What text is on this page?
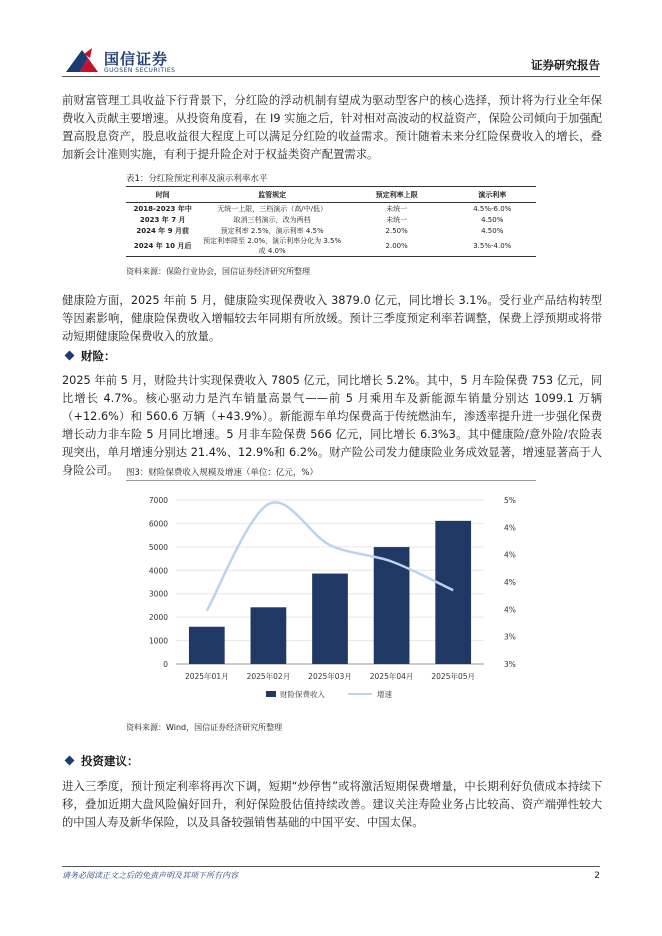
国信证券
GUOSEN SECURITIES	证券研究报告
前财富管理工具收益下行背景下，分红险的浮动机制有望成为驱动型客户的核心选择，预计将为行业全年保费收入贡献主要增速。从投资角度看，在 I9 实施之后，针对相对高波动的权益资产，保险公司倾向于加强配置高股息资产，股息收益很大程度上可以满足分红险的收益需求。预计随着未来分红险保费收入的增长，叠加新会计准则实施，有利于提升险企对于权益类资产配置需求。
表1：分红险预定利率及演示利率水平
时间	监管规定	预定利率上限	演示利率
2018-2023 年中	无统一上限，三档演示（高/中/低）	未统一	4.5%-6.0%
2023 年 7 月	取消三档演示，改为两档	未统一	4.50%
2024 年 9 月前	预定利率 2.5%，演示利率 4.5%	2.50%	4.50%
2024 年 10 月后	预定利率降至 2.0%，演示利率分化为 3.5%或 4.0%	2.00%	3.5%-4.0%
资料来源：保险行业协会，国信证券经济研究所整理
健康险方面，2025 年前 5 月，健康险实现保费收入 3879.0 亿元，同比增长 3.1%。受行业产品结构转型等因素影响，健康险保费收入增幅较去年同期有所放缓。预计三季度预定利率若调整，保费上浮预期或将带动短期健康险保费收入的放量。
财险：
2025 年前 5 月，财险共计实现保费收入 7805 亿元，同比增长 5.2%。其中，5 月车险保费 753 亿元，同比增长 4.7%。核心驱动力是汽车销量高景气——前 5 月乘用车及新能源车销量分别达 1099.1 万辆（+12.6%）和 560.6 万辆（+43.9%）。新能源车单均保费高于传统燃油车，渗透率提升进一步强化保费增长动力非车险 5 月同比增速。5 月非车险保费 566 亿元，同比增长 6.3%3。其中健康险/意外险/农险表现突出，单月增速分别达 21.4%、12.9%和 6.2%。财产险公司发力健康险业务成效显著，增速显著高于人身险公司。 图3：财险保费收入规模及增速（单位：亿元，%）
0
1000
2000
3000
4000
5000
6000
7000
3%
3%
4%
4%
4%
4%
5%
2025年01月 2025年02月 2025年03月 2025年04月 2025年05月
财险保费收入	增速
资料来源：Wind，国信证券经济研究所整理
投资建议：
进入三季度，预计预定利率将再次下调，短期“炒停售”或将激活短期保费增量，中长期利好负债成本持续下移，叠加近期大盘风险偏好回升，利好保险股估值持续改善。建议关注寿险业务占比较高、资产端弹性较大的中国人寿及新华保险，以及具备较强销售基础的中国平安、中国太保。
请务必阅读正文之后的免责声明及其项下所有内容	2
